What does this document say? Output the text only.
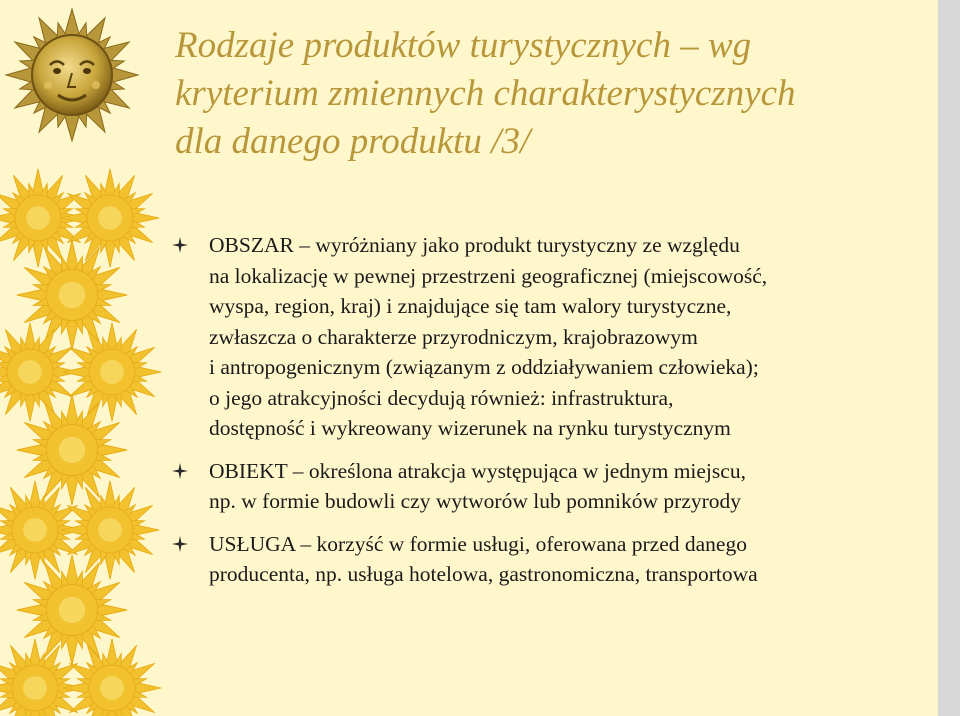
Rodzaje produktów turystycznych – wg
kryterium zmiennych charakterystycznych
dla danego produktu /3/
OBSZAR – wyróżniany jako produkt turystyczny ze względu
na lokalizację w pewnej przestrzeni geograficznej (miejscowość,
wyspa, region, kraj) i znajdujące się tam walory turystyczne,
zwłaszcza o charakterze przyrodniczym, krajobrazowym
i antropogenicznym (związanym z oddziaływaniem człowieka);
o jego atrakcyjności decydują również: infrastruktura,
dostępność i wykreowany wizerunek na rynku turystycznym
OBIEKT – określona atrakcja występująca w jednym miejscu,
np. w formie budowli czy wytworów lub pomników przyrody
USŁUGA – korzyść w formie usługi, oferowana przed danego
producenta, np. usługa hotelowa, gastronomiczna, transportowa
